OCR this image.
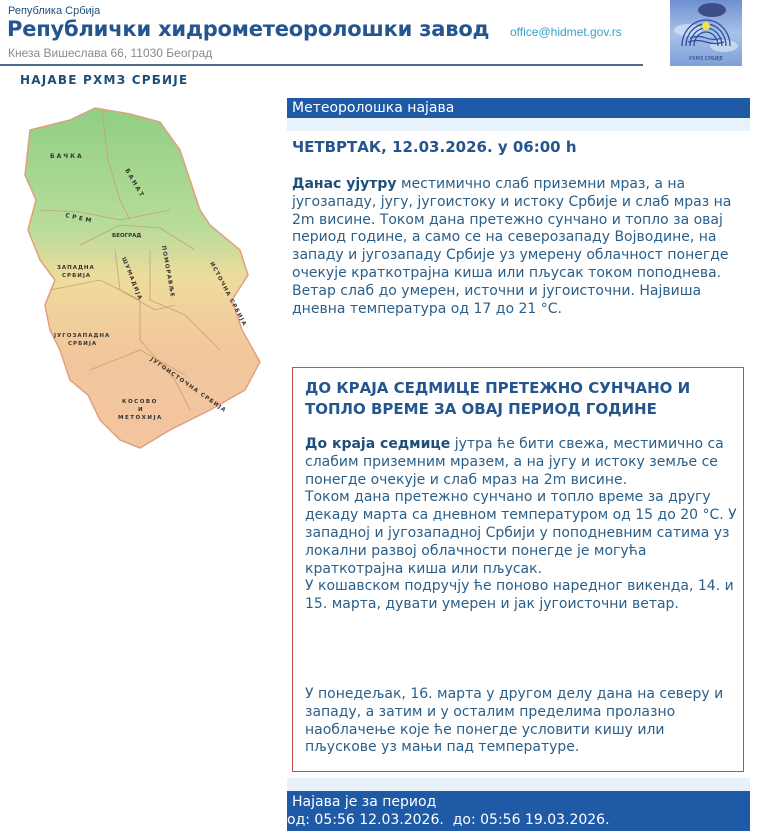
Република Србија
Републички хидрометеоролошки завод
Кнеза Вишеслава 66, 11030 Београд
office@hidmet.gov.rs
РХМЗ СРБИЈЕ
НАЈАВЕ РХМЗ СРБИЈЕ
БАЧКА
БАНАТ
СРЕМ
БЕОГРАД
ЗАПАДНА
СРБИЈА	ШУМАДИЈА	ПОМОРАВЉЕ	ИСТОЧНА СРБИЈА
ЈУГОЗАПАДНА
СРБИЈА
ЈУГОИСТОЧНА СРБИЈА
КОСОВО
И
МЕТОХИЈА
Метеоролошка најава
ЧЕТВРТАК, 12.03.2026. у 06:00 h
Данас ујутру местимично слаб приземни мраз, а на југозападу, југу, југоистоку и истоку Србије и слаб мраз на 2m висине. Током дана претежно сунчано и топло за овај период године, а само се на северозападу Војводине, на западу и југозападу Србије уз умерену облачност понегде очекује краткотрајна киша или пљусак током поподнева. Ветар слаб до умерен, источни и југоисточни. Највиша дневна температура од 17 до 21 °C.
ДО КРАЈА СЕДМИЦЕ ПРЕТЕЖНО СУНЧАНО И ТОПЛО ВРЕМЕ ЗА ОВАЈ ПЕРИОД ГОДИНЕ
До краја седмице јутра ће бити свежа, местимично са слабим приземним мразем, а на југу и истоку земље се понегде очекује и слаб мраз на 2m висине.
Током дана претежно сунчано и топло време за другу декаду марта са дневном температуром од 15 до 20 °C. У западној и југозападној Србији у поподневним сатима уз локални развој облачности понегде је могућа краткотрајна киша или пљусак.
У кошавском подручју ће поново наредног викенда, 14. и 15. марта, дувати умерен и јак југоисточни ветар.
У понедељак, 16. марта у другом делу дана на северу и западу, а затим и у осталим пределима пролазно наоблачење које ће понегде условити кишу или пљускове уз мањи пад температуре.
Најава је за период
од: 05:56 12.03.2026.  до: 05:56 19.03.2026.
